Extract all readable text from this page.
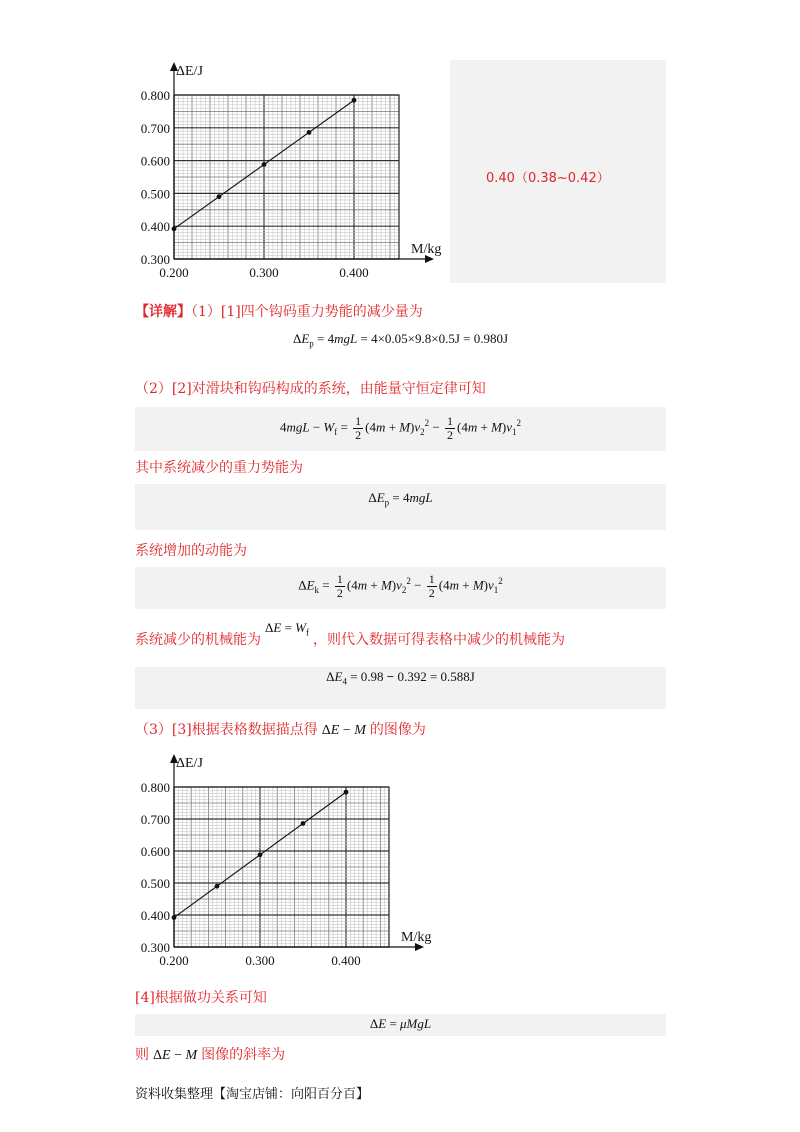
0.300
0.400
0.500
0.600
0.700
0.800
0.200	0.300	0.400
ΔE/J
M/kg
0.40（0.38~0.42）
【详解】（1）[1]四个钩码重力势能的减少量为
$\Delta E_p = 4mgL = 4\times 0.05\times 9.8\times 0.5J = 0.980J$
（2）[2]对滑块和钩码构成的系统，由能量守恒定律可知
$4mgL - W_f = \frac{1}{2} (4m + M)v_2^2 - \frac{1}{2} (4m + M)v_1^2$
其中系统减少的重力势能为
$\Delta E_p = 4mgL$
系统增加的动能为
$\Delta E_k = \frac{1}{2} (4m + M)v_2^2 - \frac{1}{2} (4m + M)v_1^2$
系统减少的机械能为$\Delta E = W_f$ ，则代入数据可得表格中减少的机械能为
$\Delta E_4 = 0.98 - 0.392 = 0.588J$
（3）[3]根据表格数据描点得 ΔE − M 的图像为
0.300
0.400
0.500
0.600
0.700
0.800
0.200	0.300	0.400
ΔE/J
M/kg
[4]根据做功关系可知
ΔE = μMgL
则 ΔE − M 图像的斜率为
资料收集整理【淘宝店铺：向阳百分百】
